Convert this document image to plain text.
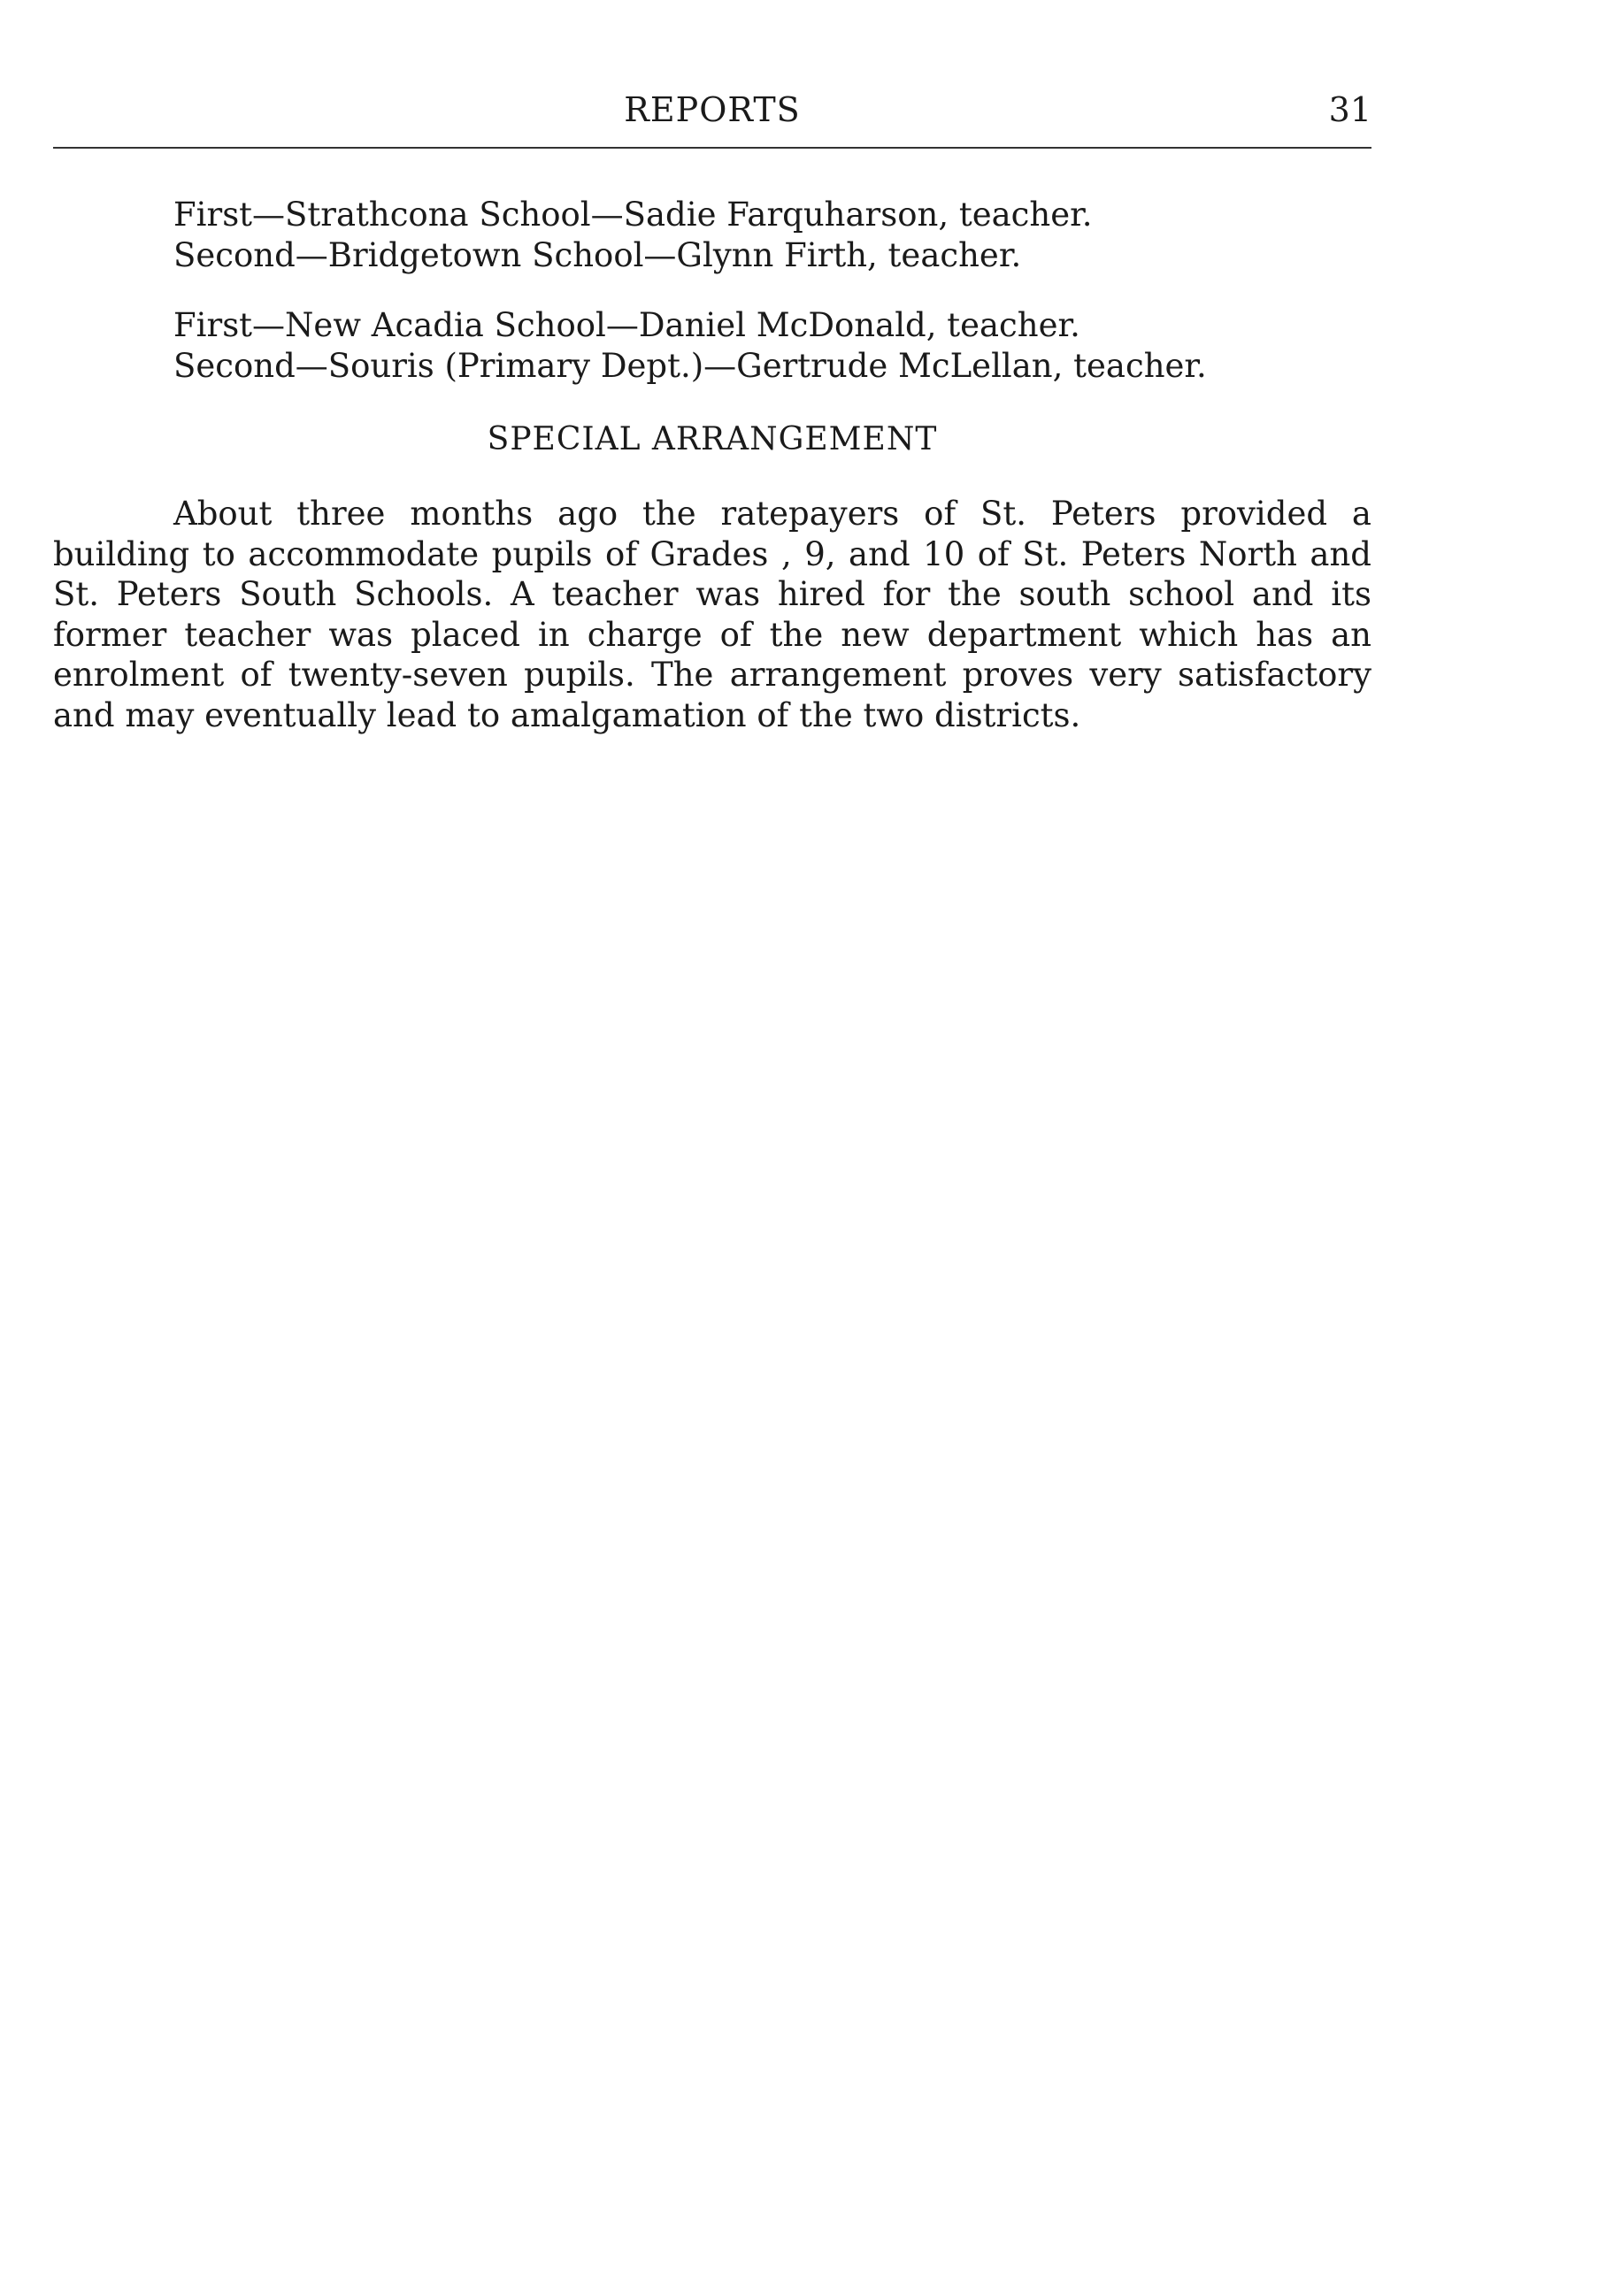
REPORTS	31
First—Strathcona School—Sadie Farquharson, teacher.
Second—Bridgetown School—Glynn Firth, teacher.
First—New Acadia School—Daniel McDonald, teacher.
Second—Souris (Primary Dept.)—Gertrude McLellan, teacher.
SPECIAL ARRANGEMENT

About three months ago the ratepayers of St. Peters provided a building to accommodate pupils of Grades , 9, and 10 of St. Peters North and St. Peters South Schools. A teacher was hired for the south school and its former teacher was placed in charge of the new department which has an enrolment of twenty-seven pupils. The arrangement proves very satisfactory and may eventually lead to amalgamation of the two districts.
